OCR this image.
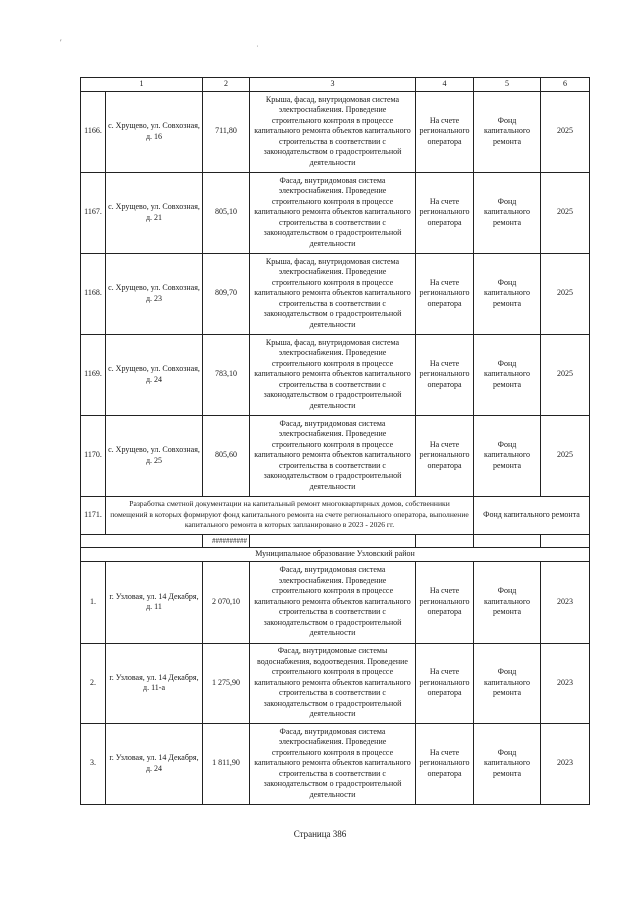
′
˙
1		2	3	4	5	6
1166.	с. Хрущево, ул. Совхозная, д. 16	711,80	Крыша, фасад, внутридомовая система электроснабжения. Проведение строительного контроля в процессе капитального ремонта объектов капитального строительства в соответствии с законодательством о градостроительной деятельности	На счете регионального оператора	Фонд капитального ремонта	2025
1167.	с. Хрущево, ул. Совхозная, д. 21	805,10	Фасад, внутридомовая система электроснабжения. Проведение строительного контроля в процессе капитального ремонта объектов капитального строительства в соответствии с законодательством о градостроительной деятельности	На счете регионального оператора	Фонд капитального ремонта	2025
1168.	с. Хрущево, ул. Совхозная, д. 23	809,70	Крыша, фасад, внутридомовая система электроснабжения. Проведение строительного контроля в процессе капитального ремонта объектов капитального строительства в соответствии с законодательством о градостроительной деятельности	На счете регионального оператора	Фонд капитального ремонта	2025
1169.	с. Хрущево, ул. Совхозная, д. 24	783,10	Крыша, фасад, внутридомовая система электроснабжения. Проведение строительного контроля в процессе капитального ремонта объектов капитального строительства в соответствии с законодательством о градостроительной деятельности	На счете регионального оператора	Фонд капитального ремонта	2025
1170.	с. Хрущево, ул. Совхозная, д. 25	805,60	Фасад, внутридомовая система электроснабжения. Проведение строительного контроля в процессе капитального ремонта объектов капитального строительства в соответствии с законодательством о градостроительной деятельности	На счете регионального оператора	Фонд капитального ремонта	2025
1171.	Разработка сметной документации на капитальный ремонт многоквартирных домов, собственники помещений в которых формируют фонд капитального ремонта на счете регионального оператора, выполнение капитального ремонта в которых запланировано в 2023 - 2026 гг.				Фонд капитального ремонта	
		##########				
Муниципальное образование Узловский район						
1.	г. Узловая, ул. 14 Декабря, д. 11	2 070,10	Фасад, внутридомовая система электроснабжения. Проведение строительного контроля в процессе капитального ремонта объектов капитального строительства в соответствии с законодательством о градостроительной деятельности	На счете регионального оператора	Фонд капитального ремонта	2023
2.	г. Узловая, ул. 14 Декабря, д. 11-а	1 275,90	Фасад, внутридомовые системы водоснабжения, водоотведения. Проведение строительного контроля в процессе капитального ремонта объектов капитального строительства в соответствии с законодательством о градостроительной деятельности	На счете регионального оператора	Фонд капитального ремонта	2023
3.	г. Узловая, ул. 14 Декабря, д. 24	1 811,90	Фасад, внутридомовая система электроснабжения. Проведение строительного контроля в процессе капитального ремонта объектов капитального строительства в соответствии с законодательством о градостроительной деятельности	На счете регионального оператора	Фонд капитального ремонта	2023
Страница 386
